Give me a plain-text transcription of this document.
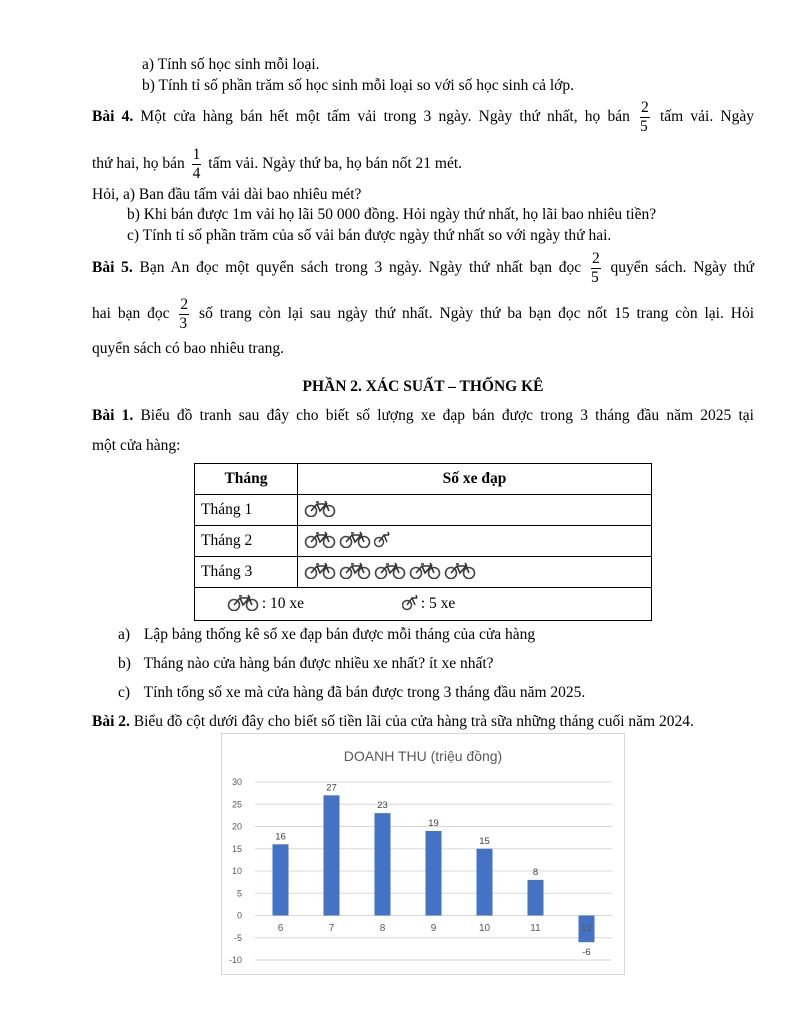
a) Tính số học sinh mỗi loại.
b) Tính tỉ số phần trăm số học sinh mỗi loại so với số học sinh cả lớp.
Bài 4. Một cửa hàng bán hết một tấm vải trong 3 ngày. Ngày thứ nhất, họ bán $\frac{2}{5}$ tấm vải. Ngày
thứ hai, họ bán $\frac{1}{4}$ tấm vải. Ngày thứ ba, họ bán nốt 21 mét.
Hỏi, a) Ban đầu tấm vải dài bao nhiêu mét?
b) Khi bán được 1m vải họ lãi 50 000 đồng. Hỏi ngày thứ nhất, họ lãi bao nhiêu tiền?
c) Tính tỉ số phần trăm của số vải bán được ngày thứ nhất so với ngày thứ hai.
Bài 5. Bạn An đọc một quyển sách trong 3 ngày. Ngày thứ nhất bạn đọc $\frac{2}{5}$ quyển sách. Ngày thứ
hai bạn đọc $\frac{2}{3}$ số trang còn lại sau ngày thứ nhất. Ngày thứ ba bạn đọc nốt 15 trang còn lại. Hỏi
quyển sách có bao nhiêu trang.
PHẦN 2. XÁC SUẤT – THỐNG KÊ
Bài 1. Biểu đồ tranh sau đây cho biết số lượng xe đạp bán được trong 3 tháng đầu năm 2025 tại
một cửa hàng:
Tháng	Số xe đạp
Tháng 1	
Tháng 2	
Tháng 3	
: 10 xe : 5 xe	
a) Lập bảng thống kê số xe đạp bán được mỗi tháng của cửa hàng
b) Tháng nào cửa hàng bán được nhiều xe nhất? ít xe nhất?
c) Tính tổng số xe mà cửa hàng đã bán được trong 3 tháng đầu năm 2025.
Bài 2. Biểu đồ cột dưới đây cho biết số tiền lãi của cửa hàng trà sữa những tháng cuối năm 2024.
DOANH THU (triệu đồng)
30
25
20
15
10
5
0
-5
-10
6
16
7
27
8
23
9
19
10
15
11
8
12
-6
